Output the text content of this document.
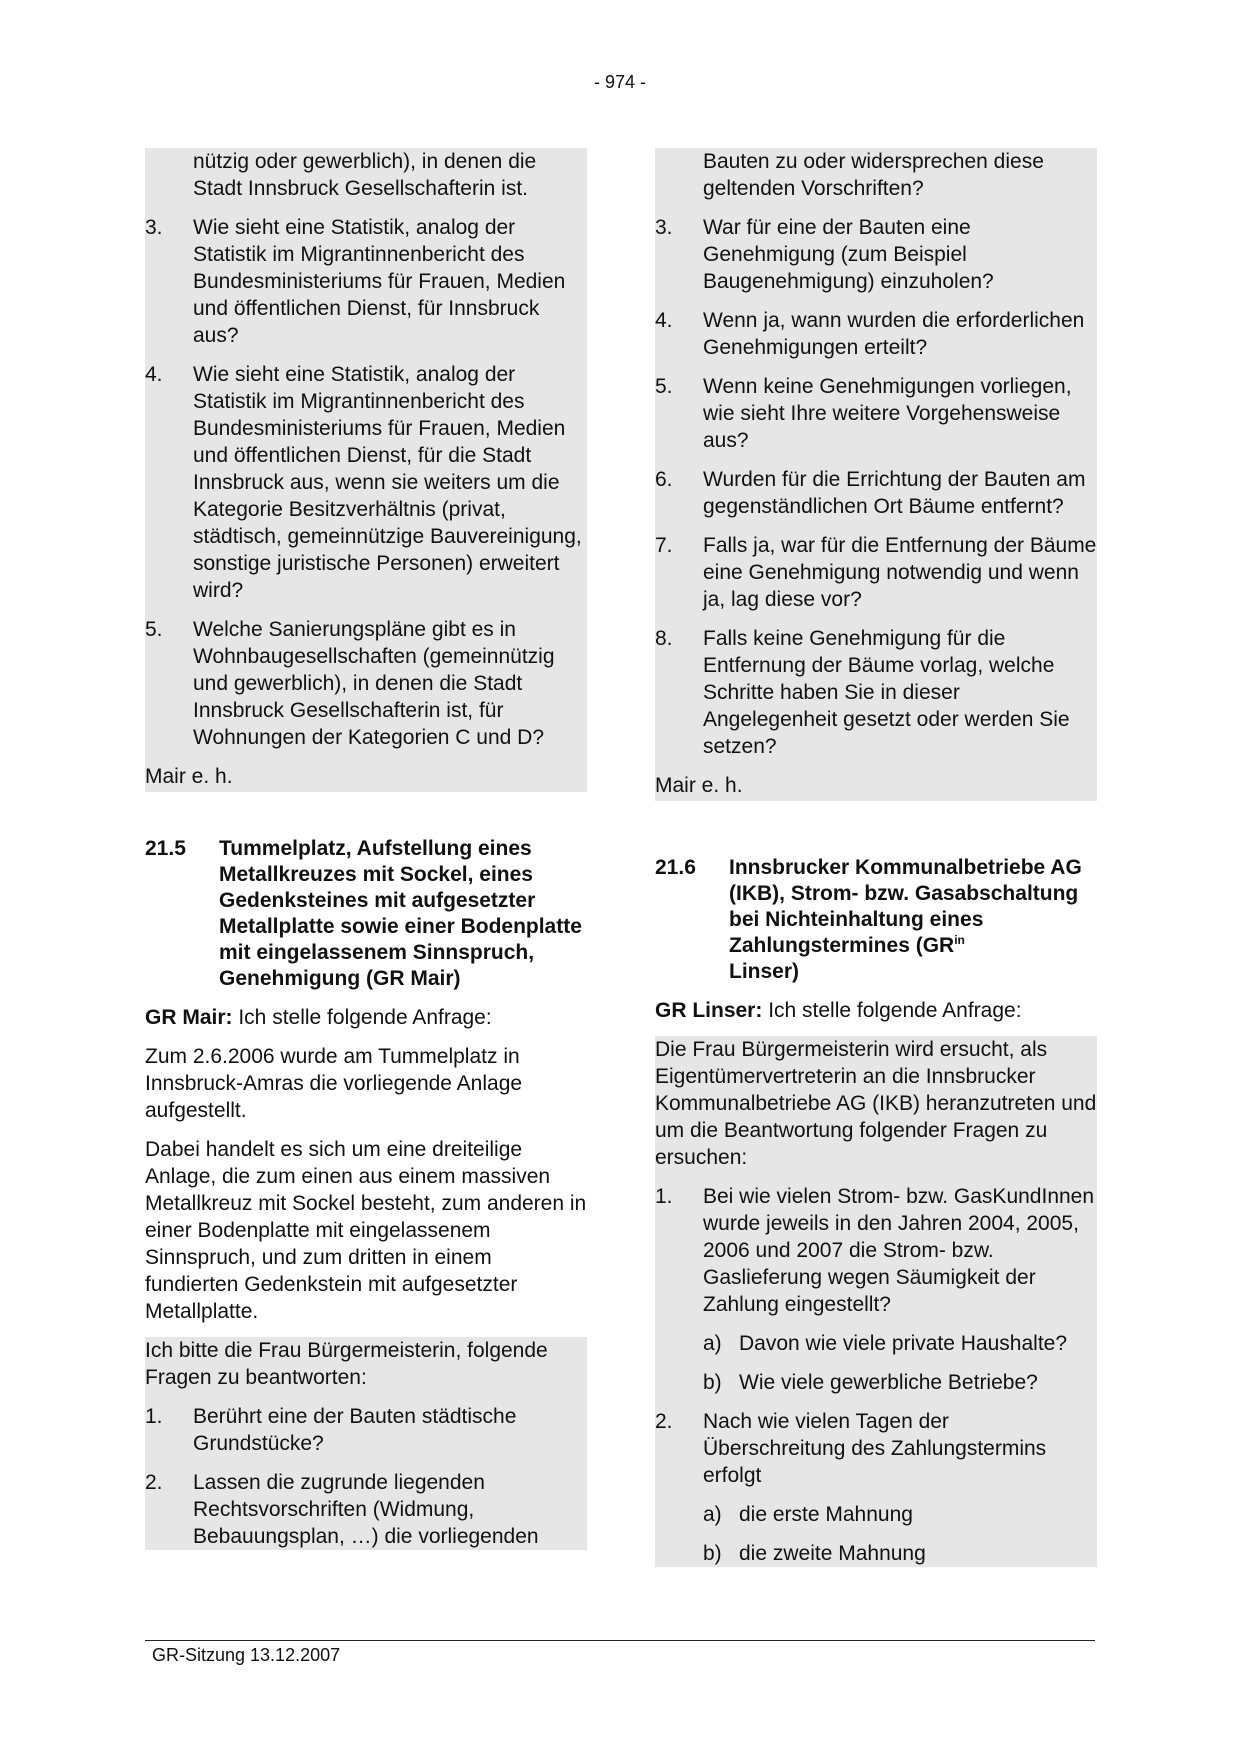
- 974 -

nützig oder gewerblich), in denen die Stadt Innsbruck Gesellschafterin ist.

3.	Wie sieht eine Statistik, analog der Statistik im Migrantinnenbericht des Bundesministeriums für Frauen, Medien und öffentlichen Dienst, für Innsbruck aus?
4.	Wie sieht eine Statistik, analog der Statistik im Migrantinnenbericht des Bundesministeriums für Frauen, Medien und öffentlichen Dienst, für die Stadt Innsbruck aus, wenn sie weiters um die Kategorie Besitzverhältnis (privat, städtisch, gemeinnützige Bauvereinigung, sonstige juristische Personen) erweitert wird?
5.	Welche Sanierungspläne gibt es in Wohnbaugesellschaften (gemeinnützig und gewerblich), in denen die Stadt Innsbruck Gesellschafterin ist, für Wohnungen der Kategorien C und D?

Mair e. h.

21.5	Tummelplatz, Aufstellung eines Metallkreuzes mit Sockel, eines Gedenksteines mit aufgesetzter Metallplatte sowie einer Bodenplatte mit eingelassenem Sinnspruch, Genehmigung (GR Mair)

GR Mair: Ich stelle folgende Anfrage:

Zum 2.6.2006 wurde am Tummelplatz in Innsbruck-Amras die vorliegende Anlage aufgestellt.

Dabei handelt es sich um eine dreiteilige Anlage, die zum einen aus einem massiven Metallkreuz mit Sockel besteht, zum anderen in einer Bodenplatte mit eingelassenem Sinnspruch, und zum dritten in einem fundierten Gedenkstein mit aufgesetzter Metallplatte.

Ich bitte die Frau Bürgermeisterin, folgende Fragen zu beantworten:

1.	Berührt eine der Bauten städtische Grundstücke?
2.	Lassen die zugrunde liegenden Rechtsvorschriften (Widmung, Bebauungsplan, …) die vorliegenden

Bauten zu oder widersprechen diese geltenden Vorschriften?

3.	War für eine der Bauten eine Genehmigung (zum Beispiel Baugenehmigung) einzuholen?
4.	Wenn ja, wann wurden die erforderlichen Genehmigungen erteilt?
5.	Wenn keine Genehmigungen vorliegen, wie sieht Ihre weitere Vorgehensweise aus?
6.	Wurden für die Errichtung der Bauten am gegenständlichen Ort Bäume entfernt?
7.	Falls ja, war für die Entfernung der Bäume eine Genehmigung notwendig und wenn ja, lag diese vor?
8.	Falls keine Genehmigung für die Entfernung der Bäume vorlag, welche Schritte haben Sie in dieser Angelegenheit gesetzt oder werden Sie setzen?

Mair e. h.

21.6	Innsbrucker Kommunalbetriebe AG (IKB), Strom- bzw. Gasabschaltung bei Nichteinhaltung eines Zahlungstermines ($GR^{in}$
Linser)

GR Linser: Ich stelle folgende Anfrage:

Die Frau Bürgermeisterin wird ersucht, als Eigentümervertreterin an die Innsbrucker Kommunalbetriebe AG (IKB) heranzutreten und um die Beantwortung folgender Fragen zu ersuchen:

1.	Bei wie vielen Strom- bzw. GasKundInnen wurde jeweils in den Jahren 2004, 2005, 2006 und 2007 die Strom- bzw. Gaslieferung wegen Säumigkeit der Zahlung eingestellt?
a) Davon wie viele private Haushalte?
b) Wie viele gewerbliche Betriebe?
2.	Nach wie vielen Tagen der Überschreitung des Zahlungstermins erfolgt
a) die erste Mahnung
b) die zweite Mahnung
GR-Sitzung 13.12.2007
